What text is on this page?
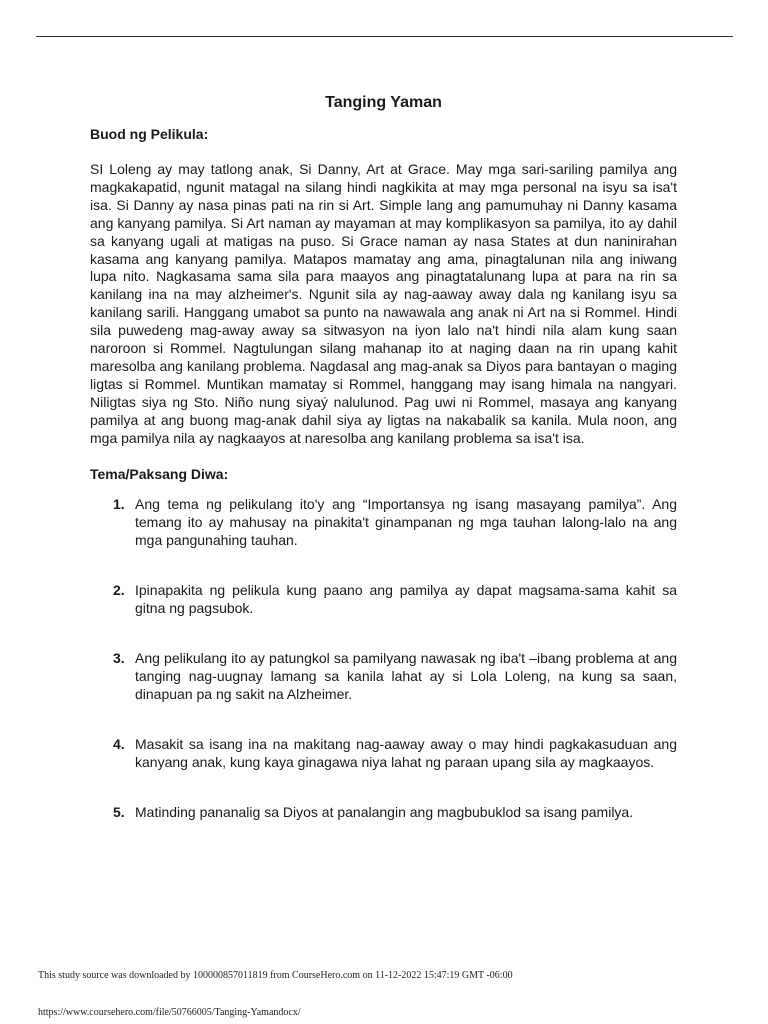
Tanging Yaman

Buod ng Pelikula:

SI Loleng ay may tatlong anak, Si Danny, Art at Grace. May mga sari-sariling pamilya ang magkakapatid, ngunit matagal na silang hindi nagkikita at may mga personal na isyu sa isa't isa. Si Danny ay nasa pinas pati na rin si Art. Simple lang ang pamumuhay ni Danny kasama ang kanyang pamilya. Si Art naman ay mayaman at may komplikasyon sa pamilya, ito ay dahil sa kanyang ugali at matigas na puso. Si Grace naman ay nasa States at dun naninirahan kasama ang kanyang pamilya. Matapos mamatay ang ama, pinagtalunan nila ang iniwang lupa nito. Nagkasama sama sila para maayos ang pinagtatalunang lupa at para na rin sa kanilang ina na may alzheimer's. Ngunit sila ay nag-aaway away dala ng kanilang isyu sa kanilang sarili. Hanggang umabot sa punto na nawawala ang anak ni Art na si Rommel. Hindi sila puwedeng mag-away away sa sitwasyon na iyon lalo na't hindi nila alam kung saan naroroon si Rommel. Nagtulungan silang mahanap ito at naging daan na rin upang kahit maresolba ang kanilang problema. Nagdasal ang mag-anak sa Diyos para bantayan o maging ligtas si Rommel. Muntikan mamatay si Rommel, hanggang may isang himala na nangyari. Niligtas siya ng Sto. Niño nung siyaý nalulunod. Pag uwi ni Rommel, masaya ang kanyang pamilya at ang buong mag-anak dahil siya ay ligtas na nakabalik sa kanila. Mula noon, ang mga pamilya nila ay nagkaayos at naresolba ang kanilang problema sa isa't isa.

Tema/Paksang Diwa:

1. Ang tema ng pelikulang ito'y ang “Importansya ng isang masayang pamilya”. Ang temang ito ay mahusay na pinakita't ginampanan ng mga tauhan lalong-lalo na ang mga pangunahing tauhan.
2. Ipinapakita ng pelikula kung paano ang pamilya ay dapat magsama-sama kahit sa gitna ng pagsubok.
3. Ang pelikulang ito ay patungkol sa pamilyang nawasak ng iba't –ibang problema at ang tanging nag-uugnay lamang sa kanila lahat ay si Lola Loleng, na kung sa saan, dinapuan pa ng sakit na Alzheimer.
4. Masakit sa isang ina na makitang nag-aaway away o may hindi pagkakasuduan ang kanyang anak, kung kaya ginagawa niya lahat ng paraan upang sila ay magkaayos.
5. Matinding pananalig sa Diyos at panalangin ang magbubuklod sa isang pamilya.
This study source was downloaded by 100000857011819 from CourseHero.com on 11-12-2022 15:47:19 GMT -06:00
https://www.coursehero.com/file/50766005/Tanging-Yamandocx/
